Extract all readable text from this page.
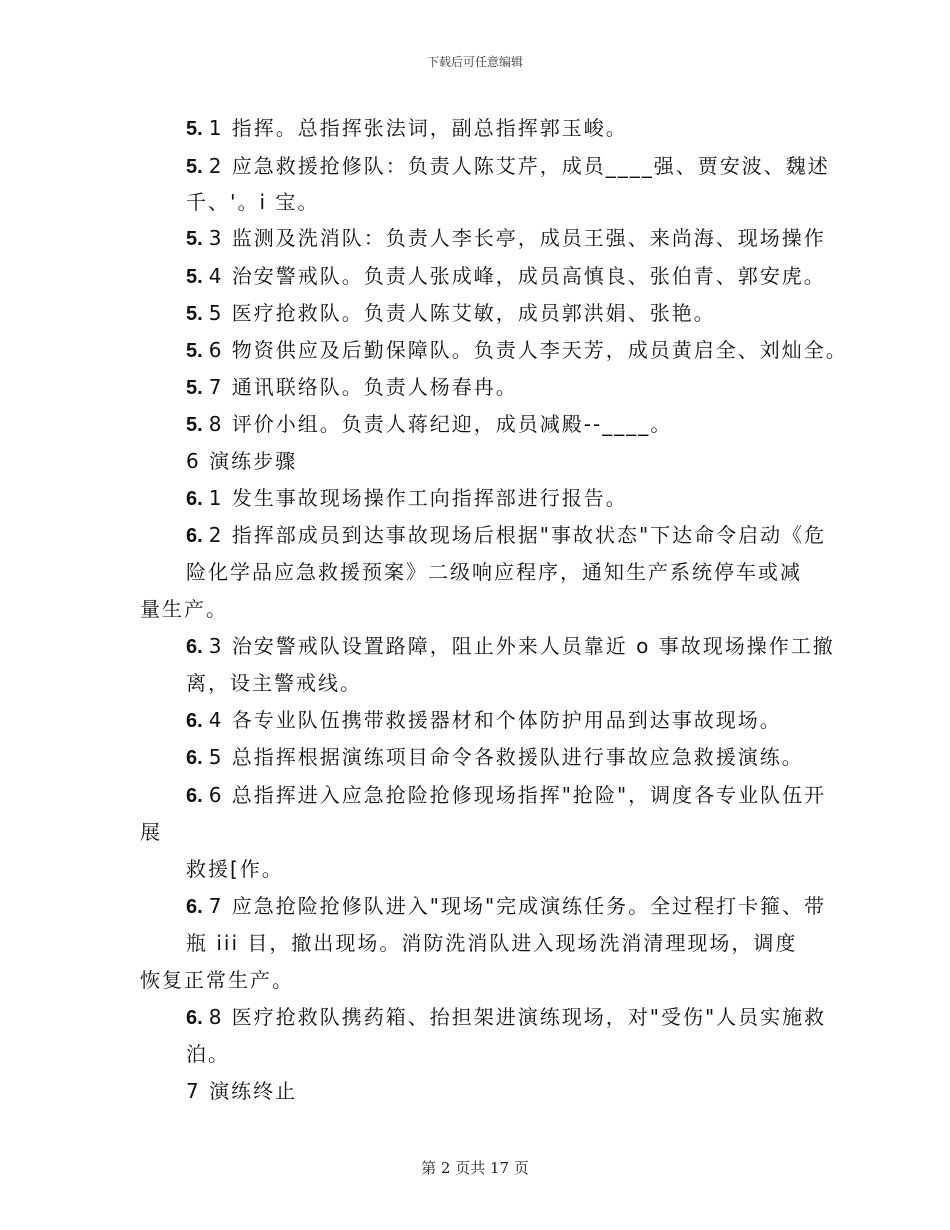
下载后可任意编辑
5. 1 指挥。总指挥张法词，副总指挥郭玉峻。
5. 2 应急救援抢修队：负责人陈艾芹，成员____强、贾安波、魏述
千、'。i 宝。
5. 3 监测及洗消队：负责人李长亭，成员王强、来尚海、现场操作
5. 4 治安警戒队。负责人张成峰，成员高慎良、张伯青、郭安虎。
5. 5 医疗抢救队。负责人陈艾敏，成员郭洪娟、张艳。
5. 6 物资供应及后勤保障队。负责人李天芳，成员黄启全、刘灿全。
5. 7 通讯联络队。负责人杨春冉。
5. 8 评价小组。负责人蒋纪迎，成员减殿--____。
6 演练步骤
6. 1 发生事故现场操作工向指挥部进行报告。
6. 2 指挥部成员到达事故现场后根据"事故状态"下达命令启动《危
险化学品应急救援预案》二级响应程序，通知生产系统停车或减
量生产。
6. 3 治安警戒队设置路障，阻止外来人员靠近 o 事故现场操作工撤
离，设主警戒线。
6. 4 各专业队伍携带救援器材和个体防护用品到达事故现场。
6. 5 总指挥根据演练项目命令各救援队进行事故应急救援演练。
6. 6 总指挥进入应急抢险抢修现场指挥"抢险"，调度各专业队伍开
展
救援[作。
6. 7 应急抢险抢修队进入"现场"完成演练任务。全过程打卡箍、带
瓶 iii 目，撤出现场。消防洗消队进入现场洗消清理现场，调度
恢复正常生产。
6. 8 医疗抢救队携药箱、抬担架进演练现场，对"受伤"人员实施救
泊。
7 演练终止
第 2 页共 17 页
